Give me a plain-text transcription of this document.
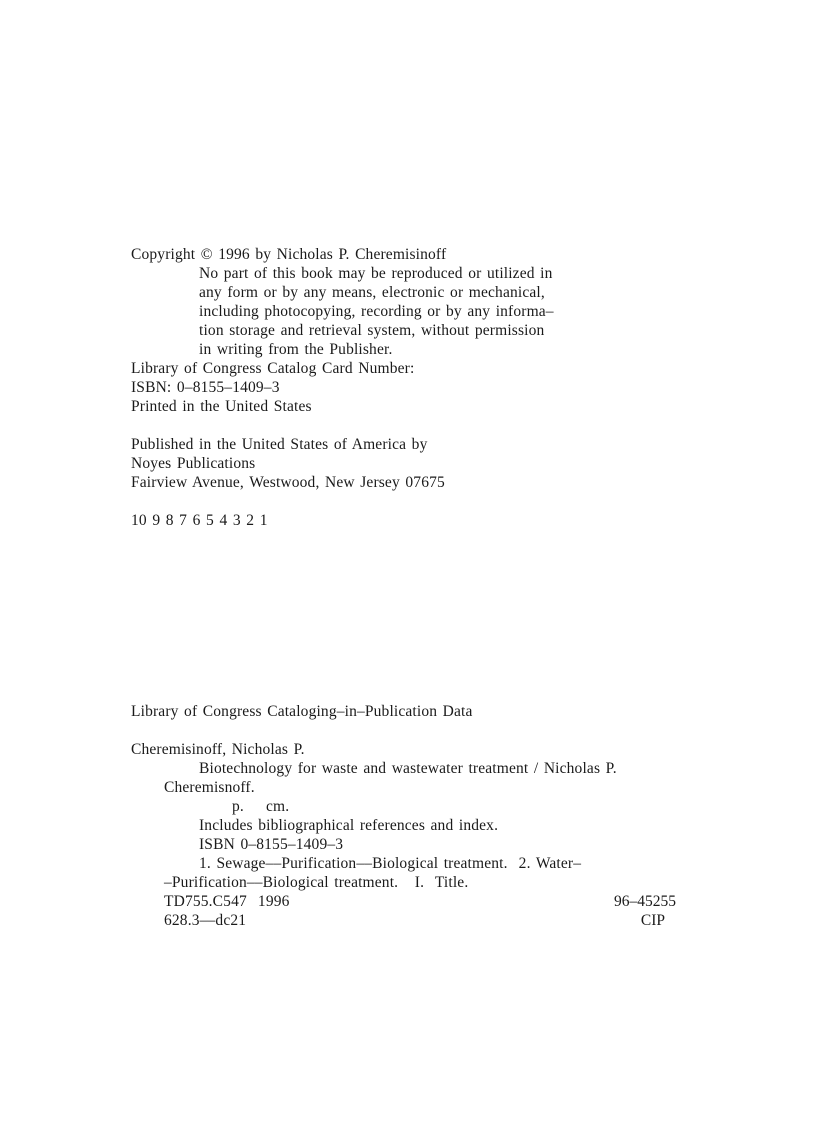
Copyright © 1996 by Nicholas P. Cheremisinoff
No part of this book may be reproduced or utilized in
any form or by any means, electronic or mechanical,
including photocopying, recording or by any informa–
tion storage and retrieval system, without permission
in writing from the Publisher.
Library of Congress Catalog Card Number:
ISBN: 0–8155–1409–3
Printed in the United States
Published in the United States of America by
Noyes Publications
Fairview Avenue, Westwood, New Jersey 07675
10 9 8 7 6 5 4 3 2 1
Library of Congress Cataloging–in–Publication Data
Cheremisinoff, Nicholas P.
Biotechnology for waste and wastewater treatment / Nicholas P.
Cheremisnoff.
p.    cm.
Includes bibliographical references and index.
ISBN 0–8155–1409–3
1. Sewage––Purification––Biological treatment.  2. Water–
–Purification––Biological treatment.   I.  Title.
TD755.C547  1996	96–45255
628.3––dc21	CIP
